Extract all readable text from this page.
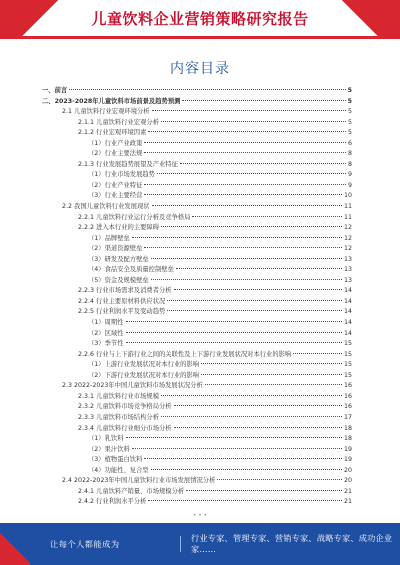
儿童饮料企业营销策略研究报告
内容目录
一、前言	5
二、2023-2028年儿童饮料市场前景及趋势预测	5
2.1 儿童饮料行业宏观环境分析	5
2.1.1 儿童饮料行业宏观分析	5
2.1.2 行业宏观环境因素	5
（1）行业产业政策	6
（2）行业主要法规	8
2.1.3 行业发展趋势展望及产业特征	8
（1）行业市场发展趋势	9
（2）行业产业特征	9
（3）行业主要经营	10
2.2 我国儿童饮料行业发展现状	11
2.2.1 儿童饮料行业运行分析及竞争格局	11
2.2.2 进入本行业的主要障碍	12
（1）品牌壁垒	12
（2）渠道资源壁垒	12
（3）研发及配方壁垒	13
（4）食品安全及质量控制壁垒	13
（5）资金及规模壁垒	13
2.2.3 行业市场需求及消费者分析	14
2.2.4 行业主要原材料供应状况	14
2.2.5 行业利润水平及变动趋势	14
（1）周期性	14
（2）区域性	14
（3）季节性	15
2.2.6 行业与上下游行业之间的关联性及上下游行业发展状况对本行业的影响	15
（1）上游行业发展状况对本行业的影响	15
（2）下游行业发展状况对本行业的影响	15
2.3 2022-2023年中国儿童饮料市场发展状况分析	16
2.3.1 儿童饮料行业市场规模	16
2.3.2 儿童饮料市场竞争格局分析	16
2.3.3 儿童饮料市场结构分析	17
2.3.4 儿童饮料行业细分市场分析	18
（1）乳饮料	18
（2）果汁饮料	19
（3）植物蛋白饮料	19
（4）功能性、复合型	20
2.4 2022-2023年中国儿童饮料行业市场发展情况分析	20
2.4.1 儿童饮料产销量、市场规模分析	21
2.4.2 行业利润水平分析	21
• • •
让每个人都能成为
行业专家、管理专家、营销专家、战略专家、成功企业家……
